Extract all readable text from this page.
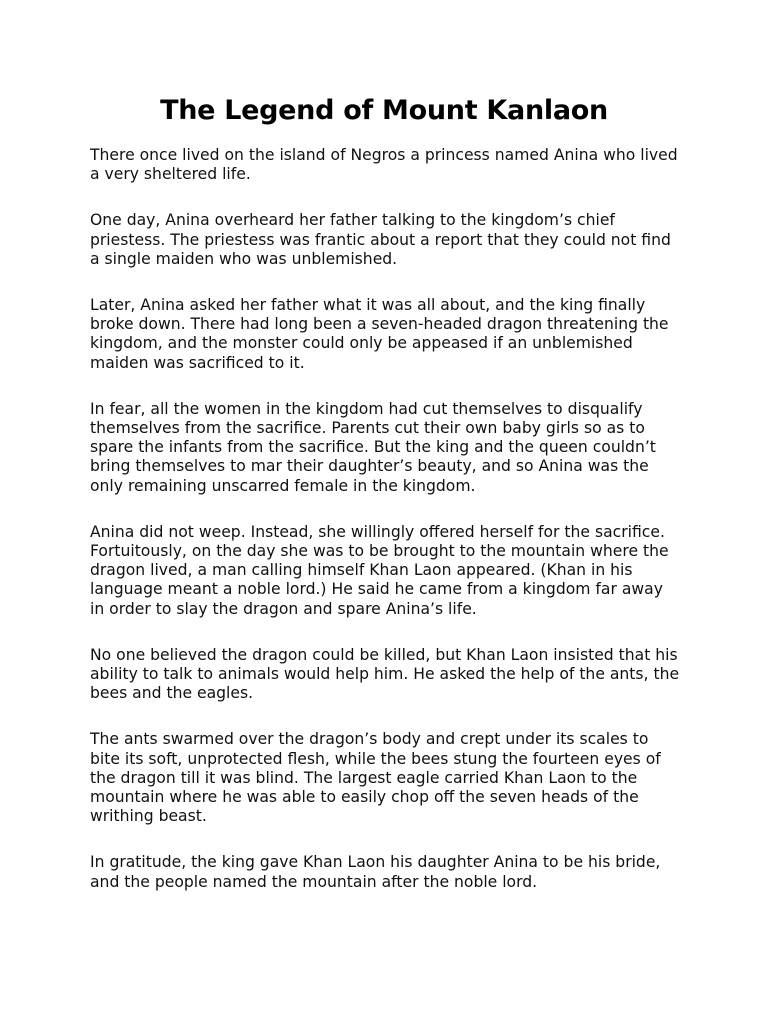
The Legend of Mount Kanlaon

There once lived on the island of Negros a princess named Anina who lived a very sheltered life.

One day, Anina overheard her father talking to the kingdom’s chief priestess. The priestess was frantic about a report that they could not find a single maiden who was unblemished.

Later, Anina asked her father what it was all about, and the king finally broke down. There had long been a seven-headed dragon threatening the kingdom, and the monster could only be appeased if an unblemished maiden was sacrificed to it.

In fear, all the women in the kingdom had cut themselves to disqualify themselves from the sacrifice. Parents cut their own baby girls so as to spare the infants from the sacrifice. But the king and the queen couldn’t bring themselves to mar their daughter’s beauty, and so Anina was the only remaining unscarred female in the kingdom.

Anina did not weep. Instead, she willingly offered herself for the sacrifice. Fortuitously, on the day she was to be brought to the mountain where the dragon lived, a man calling himself Khan Laon appeared. (Khan in his language meant a noble lord.) He said he came from a kingdom far away in order to slay the dragon and spare Anina’s life.

No one believed the dragon could be killed, but Khan Laon insisted that his ability to talk to animals would help him. He asked the help of the ants, the bees and the eagles.

The ants swarmed over the dragon’s body and crept under its scales to bite its soft, unprotected flesh, while the bees stung the fourteen eyes of the dragon till it was blind. The largest eagle carried Khan Laon to the mountain where he was able to easily chop off the seven heads of the writhing beast.

In gratitude, the king gave Khan Laon his daughter Anina to be his bride, and the people named the mountain after the noble lord.
